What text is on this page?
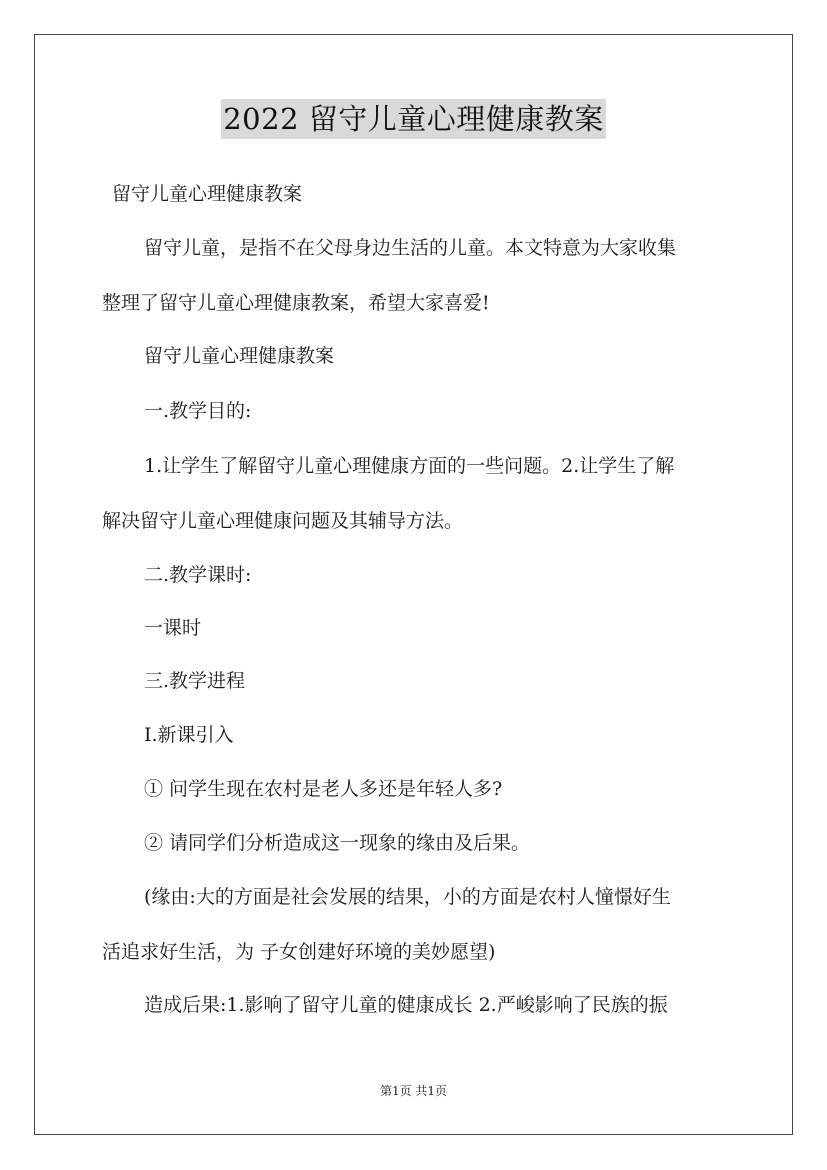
2022 留守儿童心理健康教案
留守儿童心理健康教案
留守儿童，是指不在父母身边生活的儿童。本文特意为大家收集
整理了留守儿童心理健康教案，希望大家喜爱!
留守儿童心理健康教案
一.教学目的:
1.让学生了解留守儿童心理健康方面的一些问题。2.让学生了解
解决留守儿童心理健康问题及其辅导方法。
二.教学课时:
一课时
三.教学进程
Ⅰ.新课引入
① 问学生现在农村是老人多还是年轻人多?
② 请同学们分析造成这一现象的缘由及后果。
(缘由:大的方面是社会发展的结果，小的方面是农村人憧憬好生
活追求好生活，为 子女创建好环境的美妙愿望)
造成后果:1.影响了留守儿童的健康成长 2.严峻影响了民族的振
第1页 共1页
